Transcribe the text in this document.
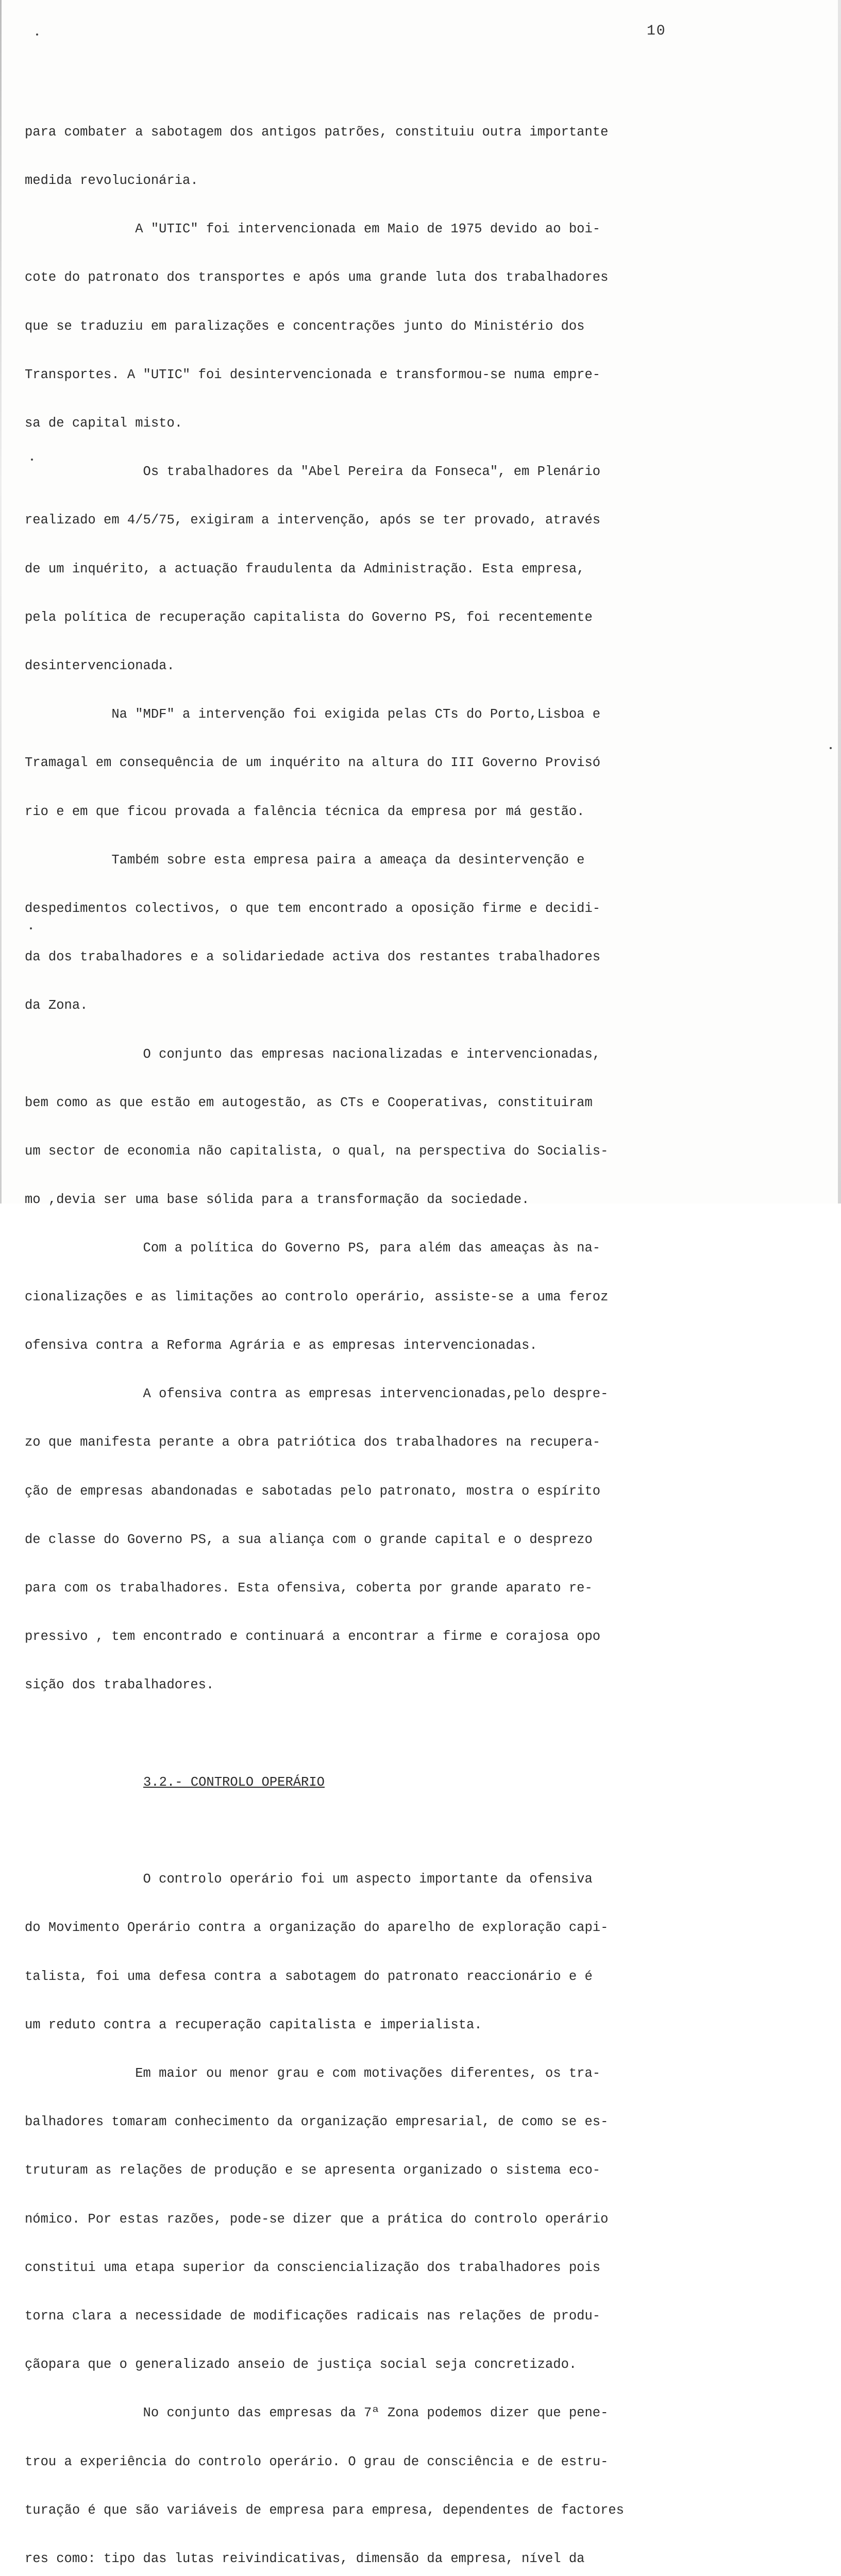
10

para combater a sabotagem dos antigos patrões, constituiu outra importante

medida revolucionária.

A "UTIC" foi intervencionada em Maio de 1975 devido ao boi-

cote do patronato dos transportes e após uma grande luta dos trabalhadores

que se traduziu em paralizações e concentrações junto do Ministério dos

Transportes. A "UTIC" foi desintervencionada e transformou-se numa empre-

sa de capital misto.

Os trabalhadores da "Abel Pereira da Fonseca", em Plenário

realizado em 4/5/75, exigiram a intervenção, após se ter provado, através

de um inquérito, a actuação fraudulenta da Administração. Esta empresa,

pela política de recuperação capitalista do Governo PS, foi recentemente

desintervencionada.

Na "MDF" a intervenção foi exigida pelas CTs do Porto,Lisboa e

Tramagal em consequência de um inquérito na altura do III Governo Provisó

rio e em que ficou provada a falência técnica da empresa por má gestão.

Também sobre esta empresa paira a ameaça da desintervenção e

despedimentos colectivos, o que tem encontrado a oposição firme e decidi-

da dos trabalhadores e a solidariedade activa dos restantes trabalhadores

da Zona.

O conjunto das empresas nacionalizadas e intervencionadas,

bem como as que estão em autogestão, as CTs e Cooperativas, constituiram

um sector de economia não capitalista, o qual, na perspectiva do Socialis-

mo ,devia ser uma base sólida para a transformação da sociedade.

Com a política do Governo PS, para além das ameaças às na-

cionalizações e as limitações ao controlo operário, assiste-se a uma feroz

ofensiva contra a Reforma Agrária e as empresas intervencionadas.

A ofensiva contra as empresas intervencionadas,pelo despre-

zo que manifesta perante a obra patriótica dos trabalhadores na recupera-

ção de empresas abandonadas e sabotadas pelo patronato, mostra o espírito

de classe do Governo PS, a sua aliança com o grande capital e o desprezo

para com os trabalhadores. Esta ofensiva, coberta por grande aparato re-

pressivo , tem encontrado e continuará a encontrar a firme e corajosa opo

sição dos trabalhadores.

3.2.- CONTROLO OPERÁRIO

O controlo operário foi um aspecto importante da ofensiva

do Movimento Operário contra a organização do aparelho de exploração capi-

talista, foi uma defesa contra a sabotagem do patronato reaccionário e é

um reduto contra a recuperação capitalista e imperialista.

Em maior ou menor grau e com motivações diferentes, os tra-

balhadores tomaram conhecimento da organização empresarial, de como se es-

truturam as relações de produção e se apresenta organizado o sistema eco-

nómico. Por estas razões, pode-se dizer que a prática do controlo operário

constitui uma etapa superior da consciencialização dos trabalhadores pois

torna clara a necessidade de modificações radicais nas relações de produ-

çãopara que o generalizado anseio de justiça social seja concretizado.

No conjunto das empresas da 7ª Zona podemos dizer que pene-

trou a experiência do controlo operário. O grau de consciência e de estru-

turação é que são variáveis de empresa para empresa, dependentes de factores

res como: tipo das lutas reivindicativas, dimensão da empresa, nível da
